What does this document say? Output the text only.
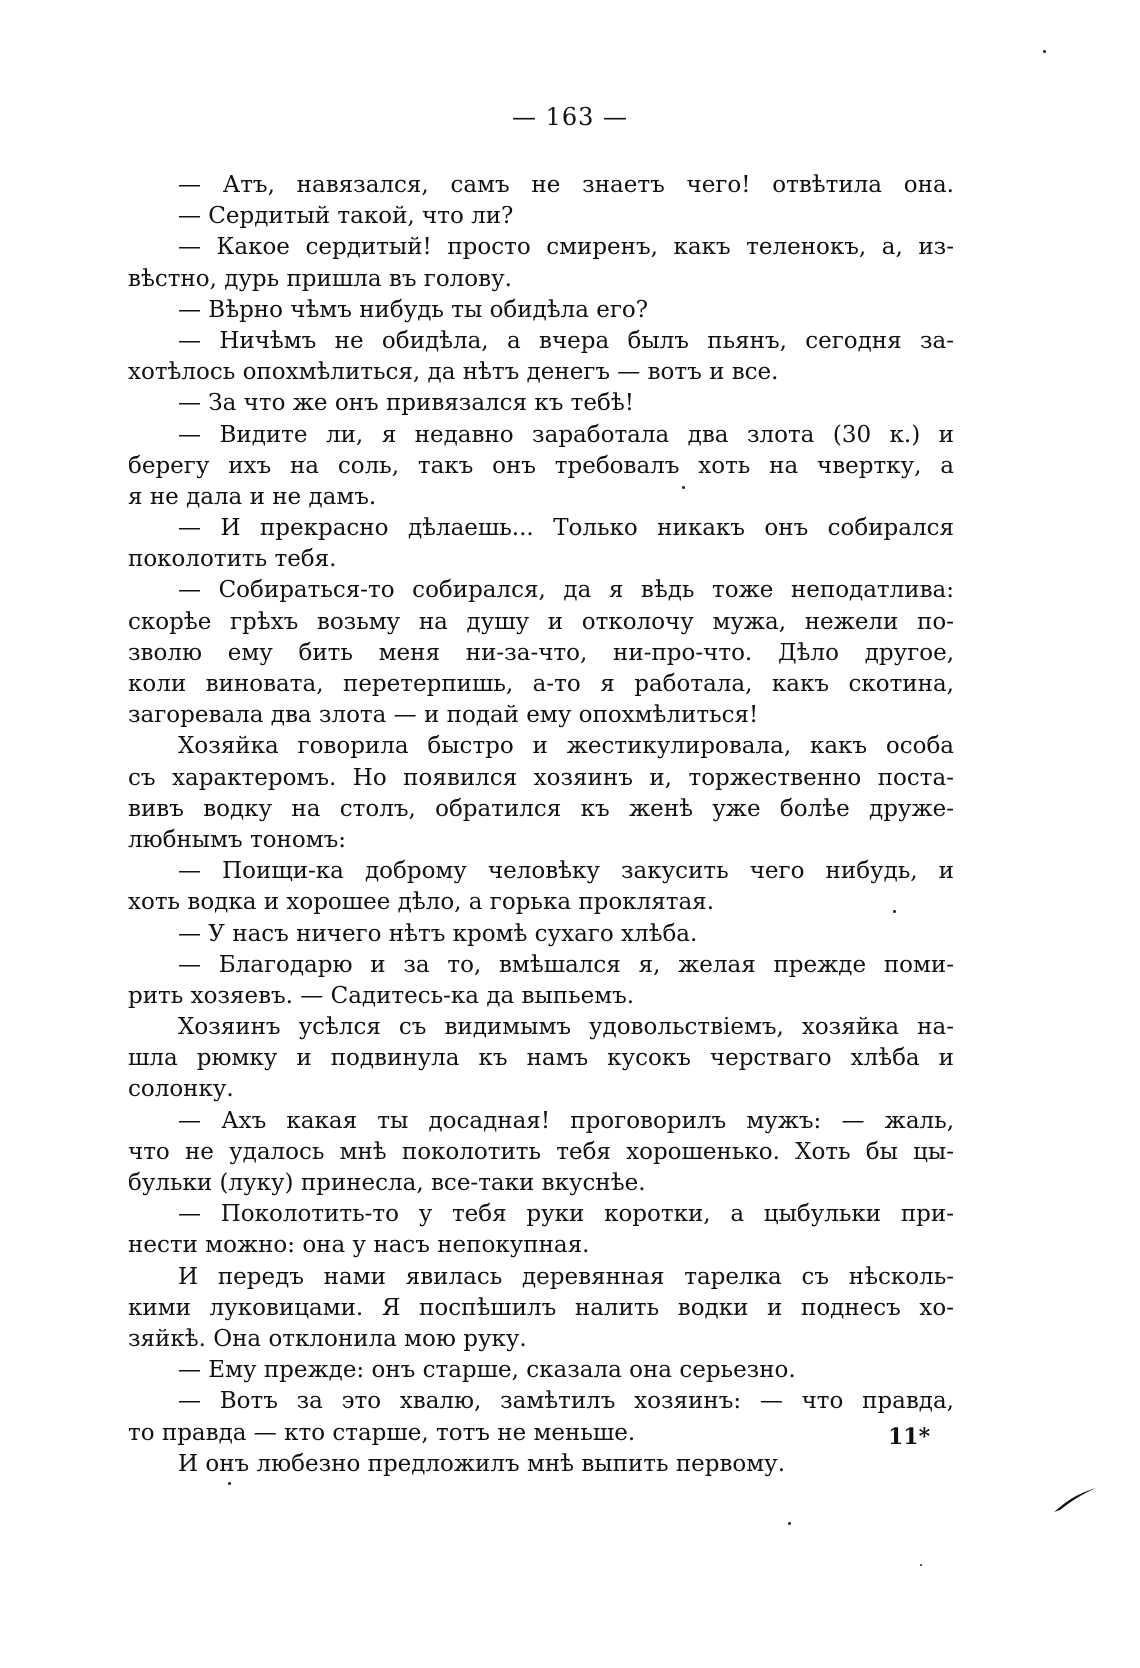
— 163 —
— Атъ, навязался, самъ не знаетъ чего! отвѣтила она.
— Сердитый такой, что ли?
— Какое сердитый! просто смиренъ, какъ теленокъ, а, из-
вѣстно, дурь пришла въ голову.
— Вѣрно чѣмъ нибудь ты обидѣла его?
— Ничѣмъ не обидѣла, а вчера былъ пьянъ, сегодня за-
хотѣлось опохмѣлиться, да нѣтъ денегъ — вотъ и все.
— За что же онъ привязался къ тебѣ!
— Видите ли, я недавно заработала два злота (30 к.) и
берегу ихъ на соль, такъ онъ требовалъ хоть на чвертку, а
я не дала и не дамъ.
— И прекрасно дѣлаешь... Только никакъ онъ собирался
поколотить тебя.
— Собираться-то собирался, да я вѣдь тоже неподатлива:
скорѣе грѣхъ возьму на душу и отколочу мужа, нежели по-
зволю ему бить меня ни-за-что, ни-про-что. Дѣло другое,
коли виновата, перетерпишь, а-то я работала, какъ скотина,
загоревала два злота — и подай ему опохмѣлиться!
Хозяйка говорила быстро и жестикулировала, какъ особа
съ характеромъ. Но появился хозяинъ и, торжественно поста-
вивъ водку на столъ, обратился къ женѣ уже болѣе друже-
любнымъ тономъ:
— Поищи-ка доброму человѣку закусить чего нибудь, и
хоть водка и хорошее дѣло, а горька проклятая.
— У насъ ничего нѣтъ кромѣ сухаго хлѣба.
— Благодарю и за то, вмѣшался я, желая прежде поми-
рить хозяевъ. — Садитесь-ка да выпьемъ.
Хозяинъ усѣлся съ видимымъ удовольствіемъ, хозяйка на-
шла рюмку и подвинула къ намъ кусокъ черстваго хлѣба и
солонку.
— Ахъ какая ты досадная! проговорилъ мужъ: — жаль,
что не удалось мнѣ поколотить тебя хорошенько. Хоть бы цы-
бульки (луку) принесла, все-таки вкуснѣе.
— Поколотить-то у тебя руки коротки, а цыбульки при-
нести можно: она у насъ непокупная.
И передъ нами явилась деревянная тарелка съ нѣсколь-
кими луковицами. Я поспѣшилъ налить водки и поднесъ хо-
зяйкѣ. Она отклонила мою руку.
— Ему прежде: онъ старше, сказала она серьезно.
— Вотъ за это хвалю, замѣтилъ хозяинъ: — что правда,
то правда — кто старше, тотъ не меньше.
И онъ любезно предложилъ мнѣ выпить первому.
11*
